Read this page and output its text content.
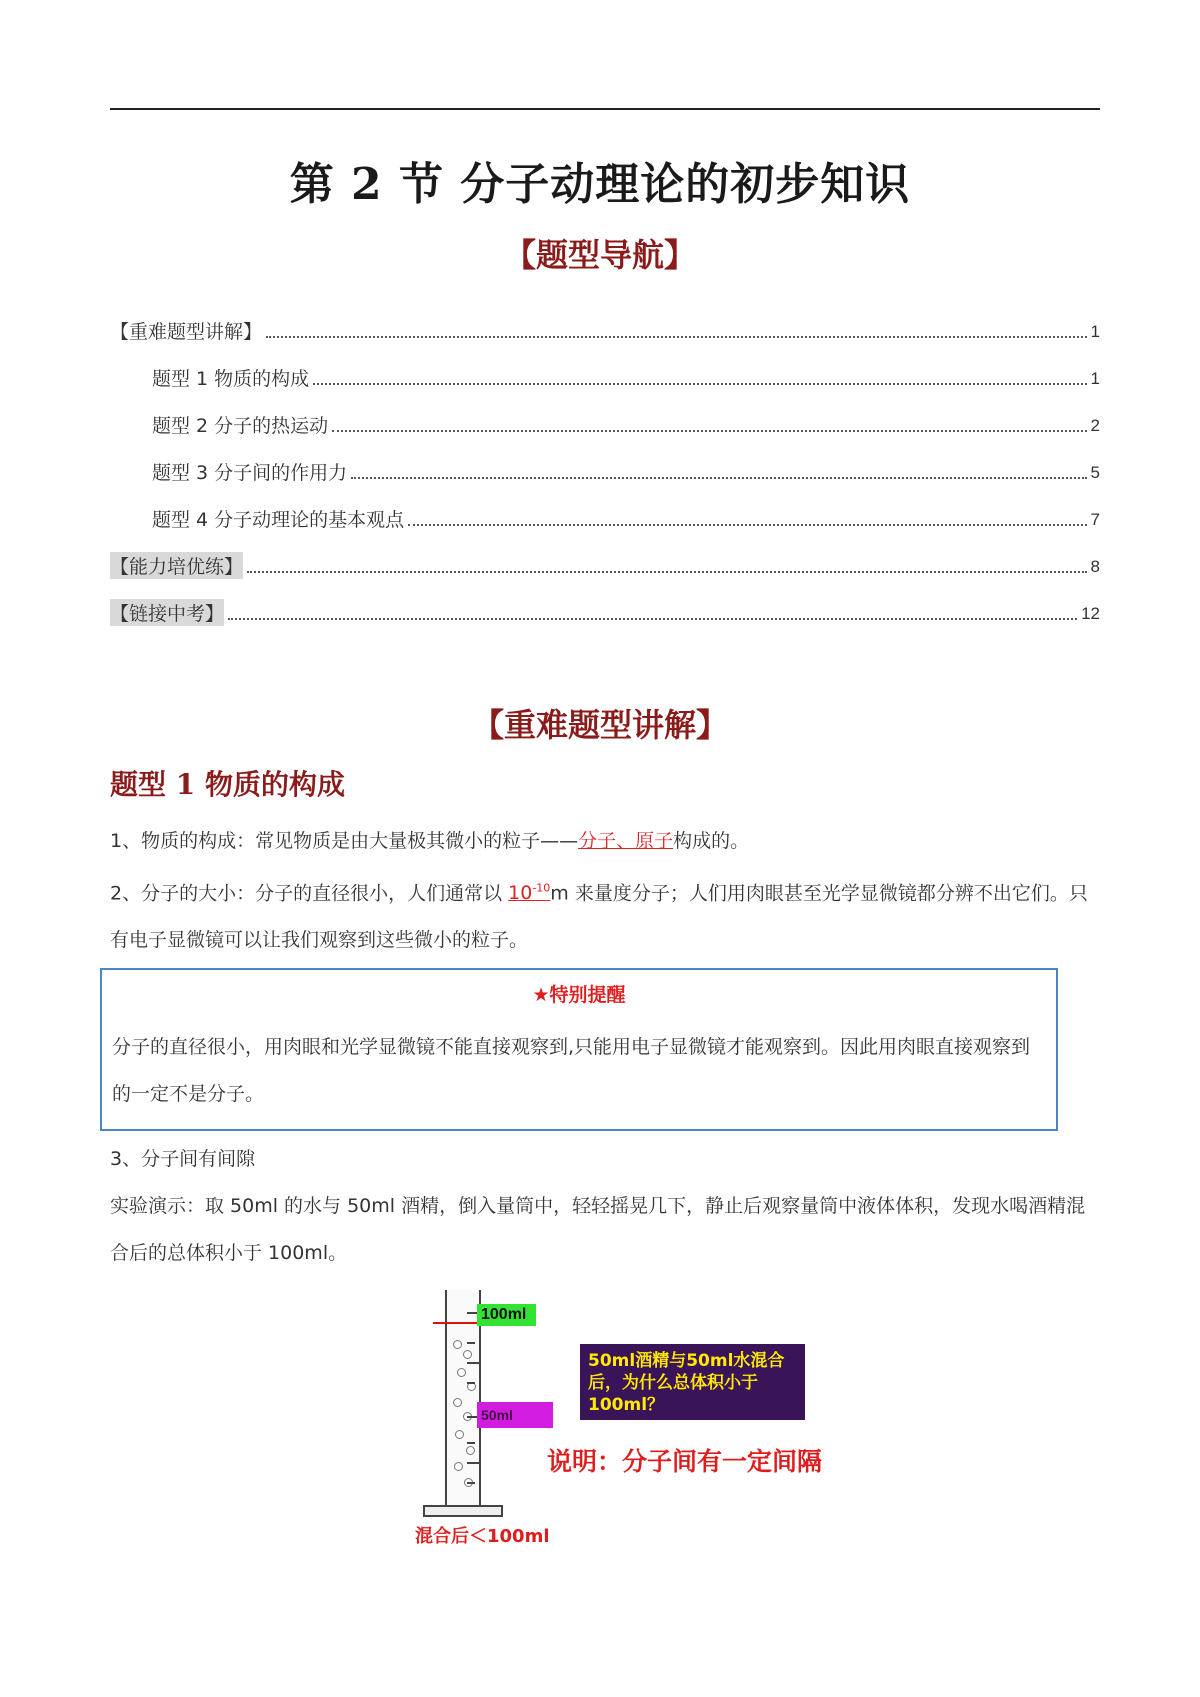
第 2 节 分子动理论的初步知识
【题型导航】
【重难题型讲解】	1
题型 1 物质的构成	1
题型 2 分子的热运动	2
题型 3 分子间的作用力	5
题型 4 分子动理论的基本观点	7
【能力培优练】	8
【链接中考】	12
【重难题型讲解】
题型 1 物质的构成
1、物质的构成：常见物质是由大量极其微小的粒子——分子、原子构成的。
2、分子的大小：分子的直径很小，人们通常以 $10^{-10}m$ 来量度分子；人们用肉眼甚至光学显微镜都分辨不出它们。只有电子显微镜可以让我们观察到这些微小的粒子。
★特别提醒
分子的直径很小，用肉眼和光学显微镜不能直接观察到,只能用电子显微镜才能观察到。因此用肉眼直接观察到的一定不是分子。
3、分子间有间隙
实验演示：取 50ml 的水与 50ml 酒精，倒入量筒中，轻轻摇晃几下，静止后观察量筒中液体体积，发现水喝酒精混合后的总体积小于 100ml。
100ml
50ml
50ml酒精与50ml水混合后，为什么总体积小于100ml？
说明：分子间有一定间隔
混合后＜100ml
